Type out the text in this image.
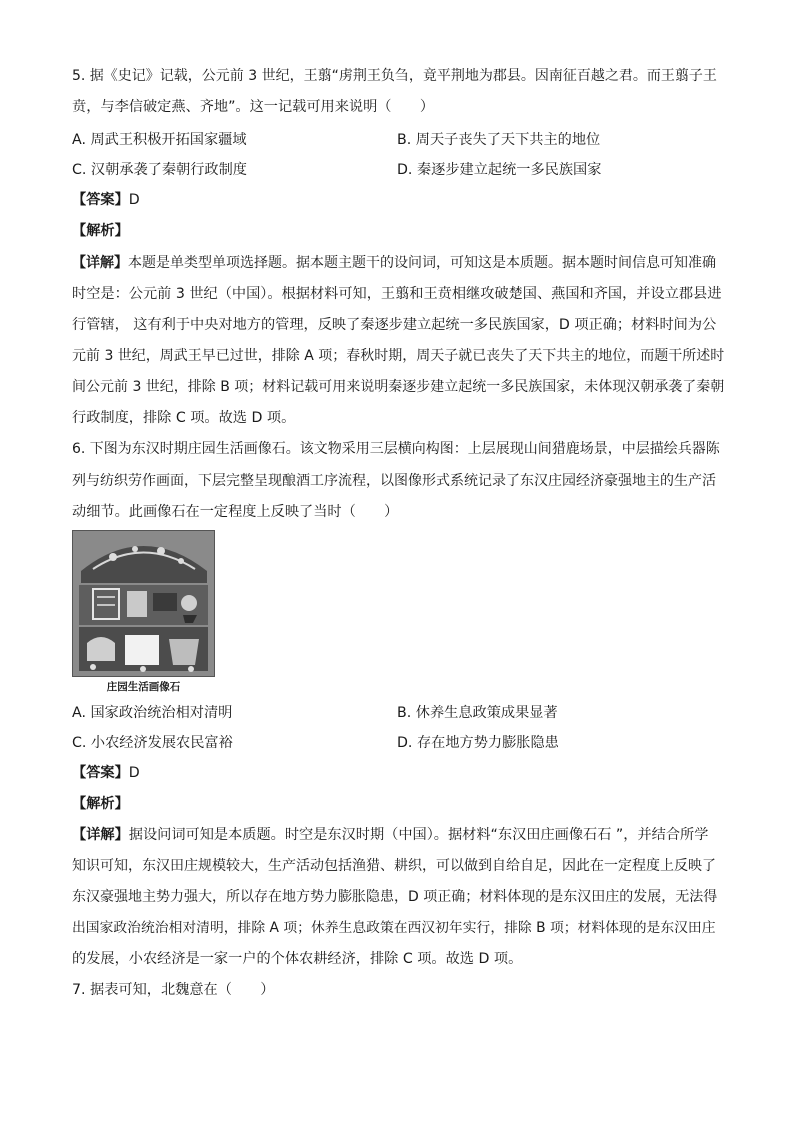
5. 据《史记》记载，公元前 3 世纪，王翦“虏荆王负刍，竟平荆地为郡县。因南征百越之君。而王翦子王
贲，与李信破定燕、齐地”。这一记载可用来说明（　　）
A. 周武王积极开拓国家疆域	B. 周天子丧失了天下共主的地位
C. 汉朝承袭了秦朝行政制度	D. 秦逐步建立起统一多民族国家
【答案】D
【解析】
【详解】本题是单类型单项选择题。据本题主题干的设问词，可知这是本质题。据本题时间信息可知准确
时空是：公元前 3 世纪（中国）。根据材料可知，王翦和王贲相继攻破楚国、燕国和齐国，并设立郡县进
行管辖， 这有利于中央对地方的管理，反映了秦逐步建立起统一多民族国家，D 项正确；材料时间为公
元前 3 世纪，周武王早已过世，排除 A 项；春秋时期，周天子就已丧失了天下共主的地位，而题干所述时
间公元前 3 世纪，排除 B 项；材料记载可用来说明秦逐步建立起统一多民族国家，未体现汉朝承袭了秦朝
行政制度，排除 C 项。故选 D 项。
6. 下图为东汉时期庄园生活画像石。该文物采用三层横向构图：上层展现山间猎鹿场景，中层描绘兵器陈
列与纺织劳作画面，下层完整呈现酿酒工序流程，以图像形式系统记录了东汉庄园经济豪强地主的生产活
动细节。此画像石在一定程度上反映了当时（　　）
庄园生活画像石
A. 国家政治统治相对清明	B. 休养生息政策成果显著
C. 小农经济发展农民富裕	D. 存在地方势力膨胀隐患
【答案】D
【解析】
【详解】据设问词可知是本质题。时空是东汉时期（中国）。据材料“东汉田庄画像石石 ”，并结合所学
知识可知，东汉田庄规模较大，生产活动包括渔猎、耕织，可以做到自给自足，因此在一定程度上反映了
东汉豪强地主势力强大，所以存在地方势力膨胀隐患，D 项正确；材料体现的是东汉田庄的发展，无法得
出国家政治统治相对清明，排除 A 项；休养生息政策在西汉初年实行，排除 B 项；材料体现的是东汉田庄
的发展，小农经济是一家一户的个体农耕经济，排除 C 项。故选 D 项。
7. 据表可知，北魏意在（　　）
